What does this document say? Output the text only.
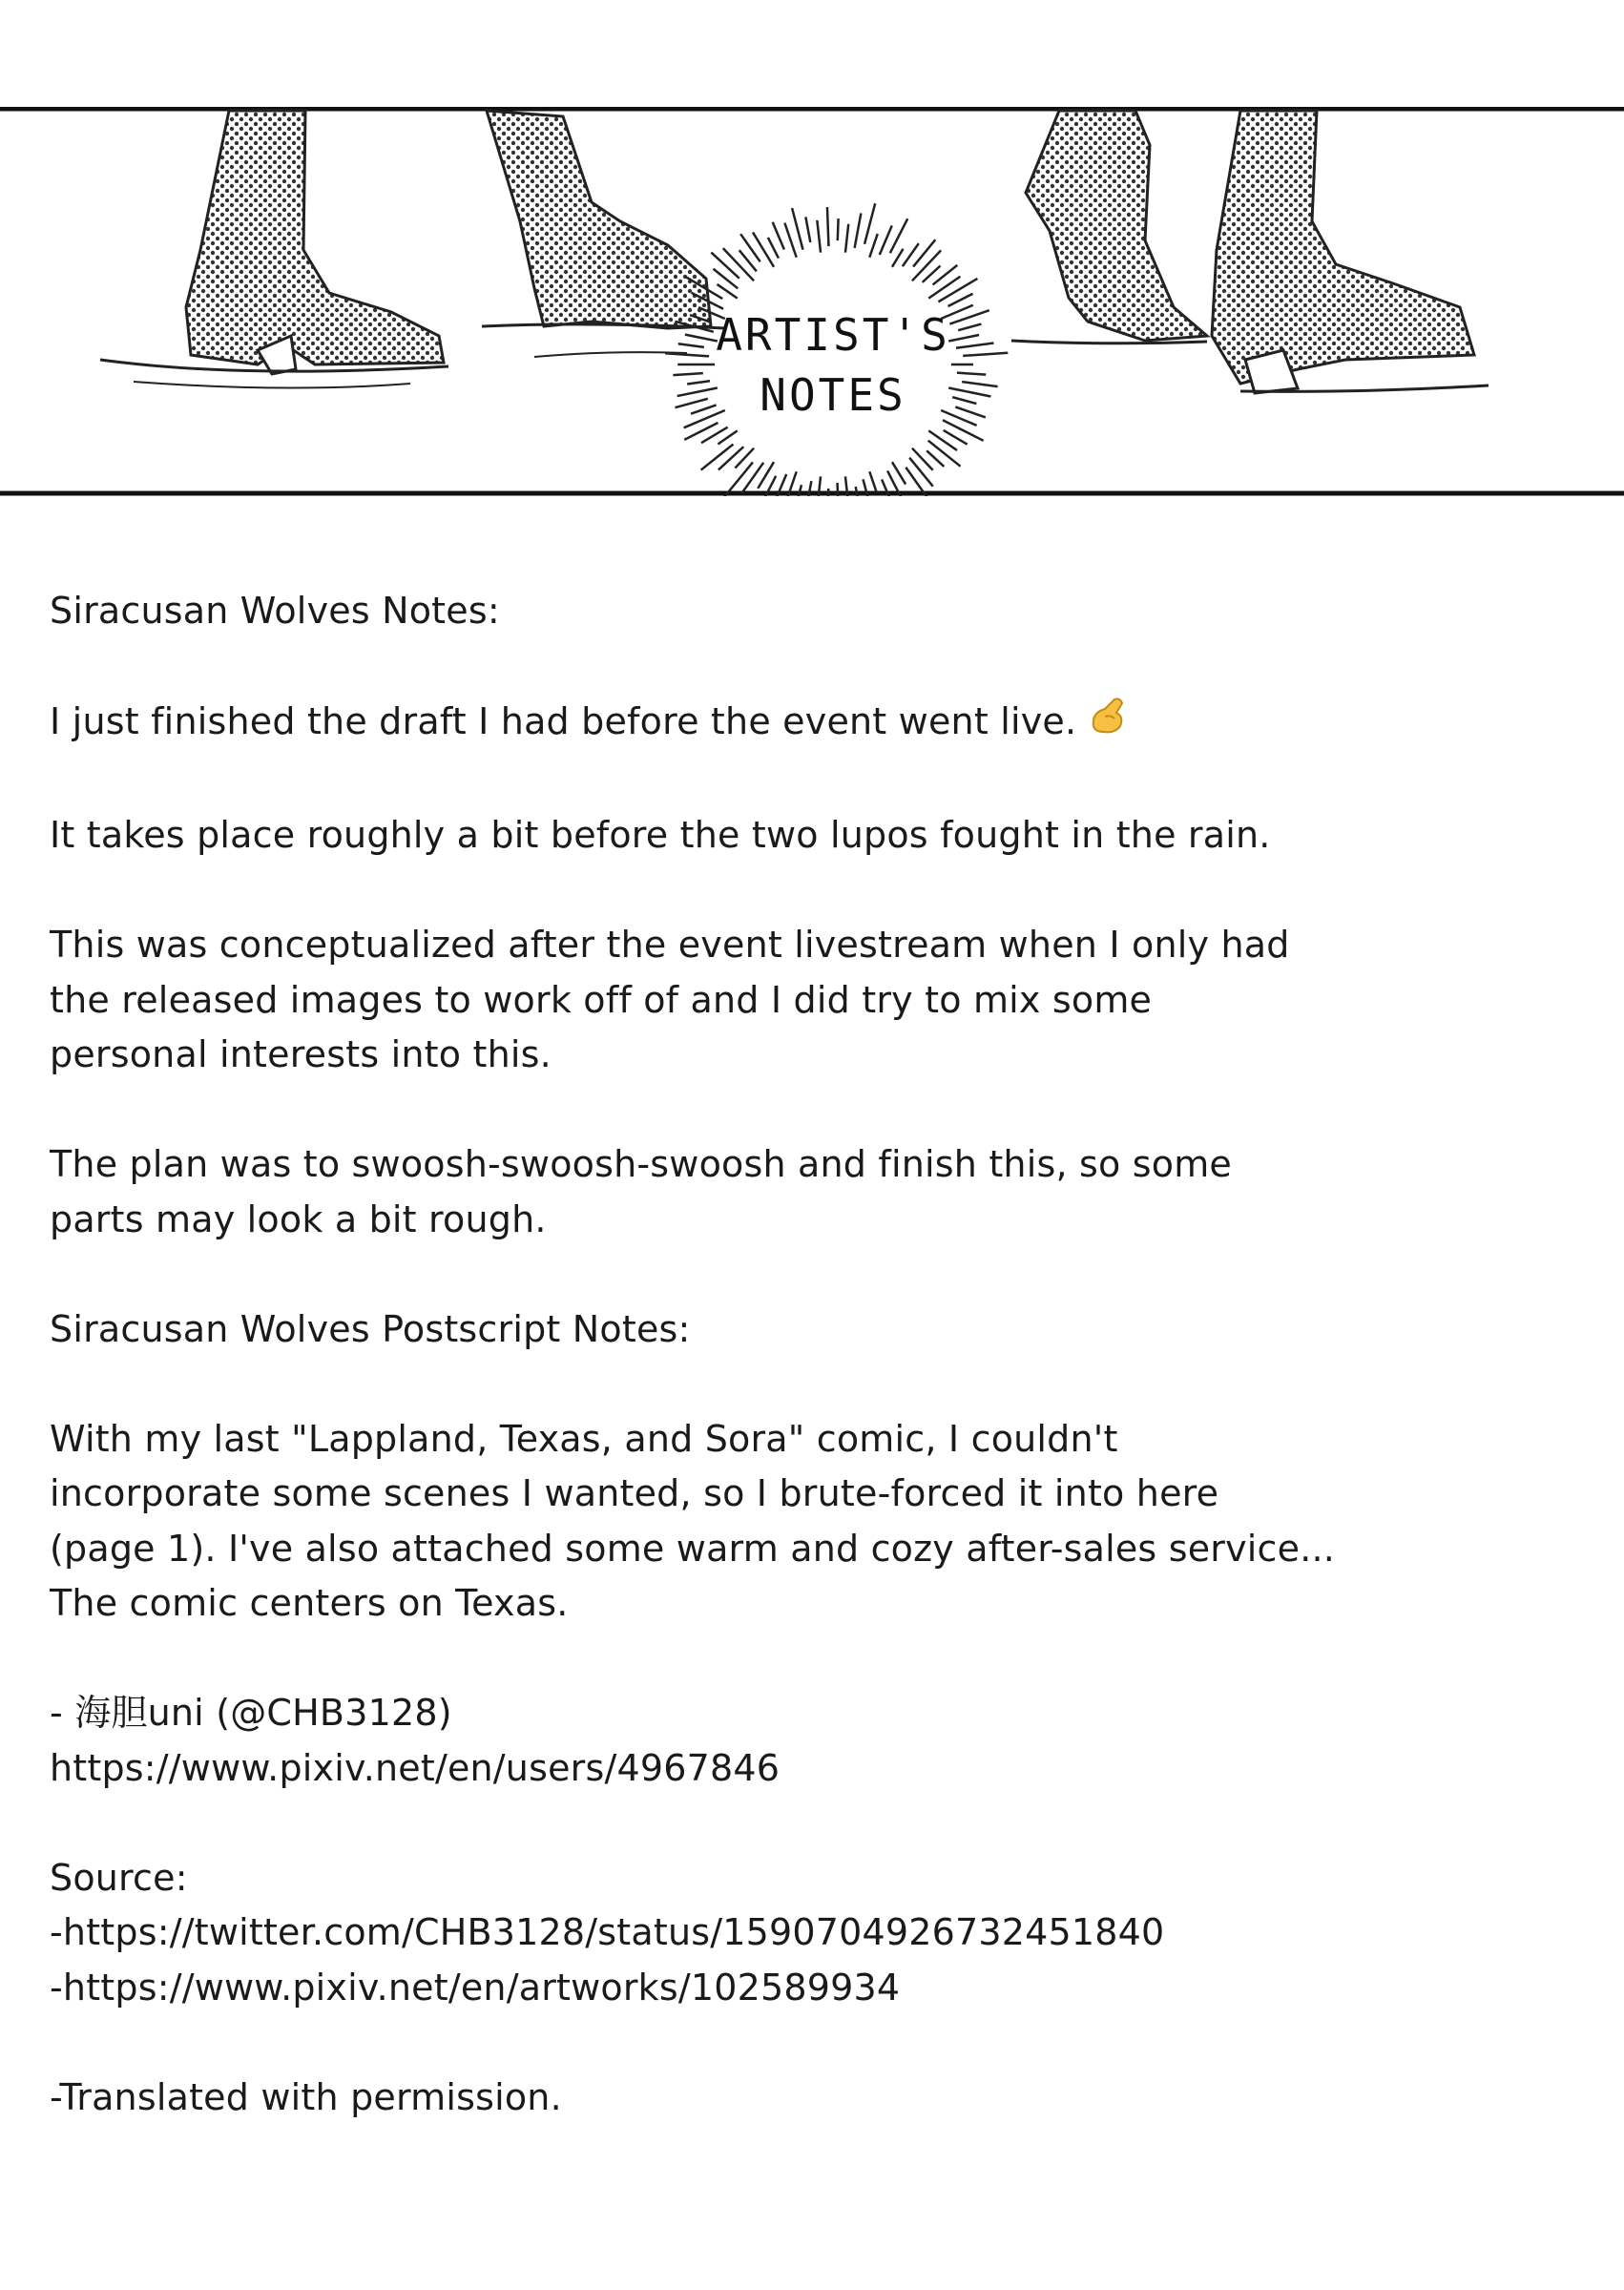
ARTIST'S
NOTES

Siracusan Wolves Notes:

I just finished the draft I had before the event went live.

It takes place roughly a bit before the two lupos fought in the rain.

This was conceptualized after the event livestream when I only had
the released images to work off of and I did try to mix some
personal interests into this.

The plan was to swoosh-swoosh-swoosh and finish this, so some
parts may look a bit rough.

Siracusan Wolves Postscript Notes:

With my last "Lappland, Texas, and Sora" comic, I couldn't
incorporate some scenes I wanted, so I brute-forced it into here
(page 1). I've also attached some warm and cozy after-sales service...
The comic centers on Texas.

- 海胆uni (@CHB3128)

https://www.pixiv.net/en/users/4967846

Source:

-https://twitter.com/CHB3128/status/1590704926732451840

-https://www.pixiv.net/en/artworks/102589934

-Translated with permission.
